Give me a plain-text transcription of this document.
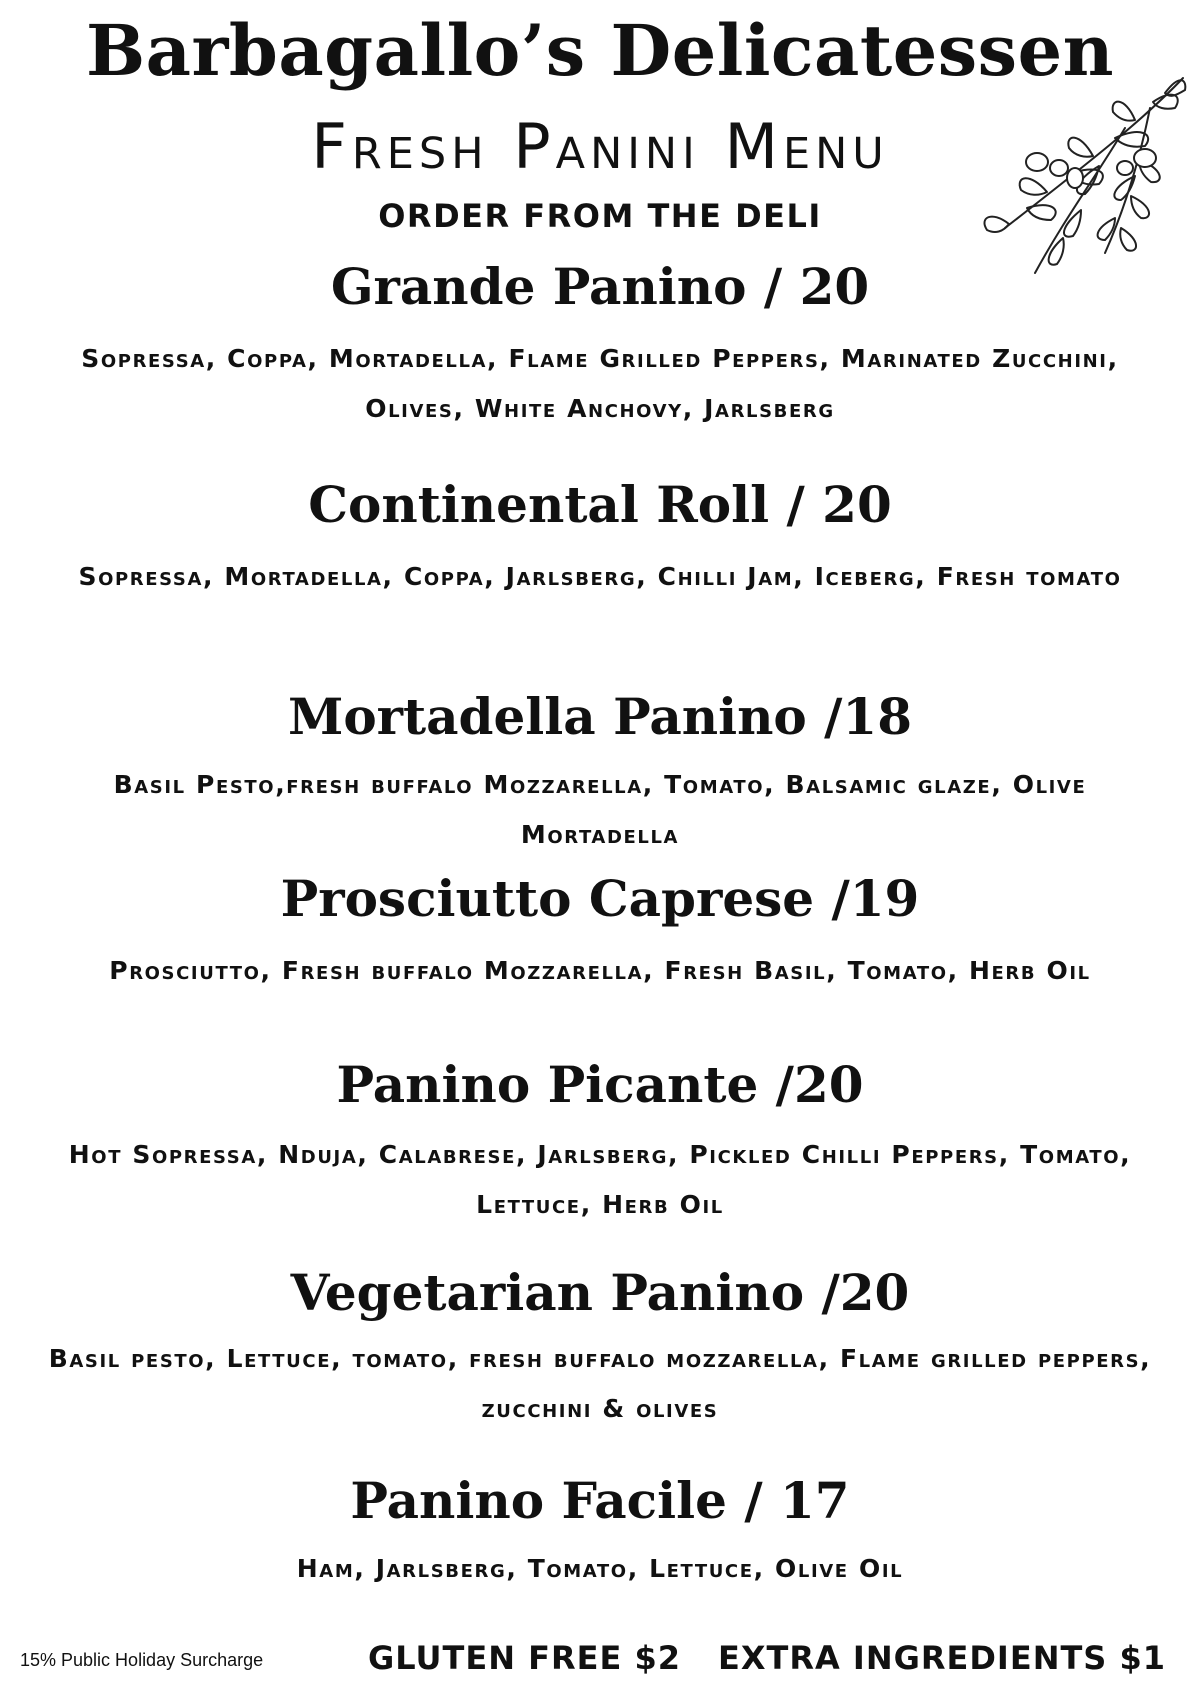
Barbagallo’s Delicatessen
Fresh Panini Menu
ORDER FROM THE DELI
Grande Panino / 20
Sopressa, Coppa, Mortadella, Flame Grilled Peppers, Marinated Zucchini, Olives, White Anchovy, Jarlsberg
Continental Roll / 20
Sopressa, Mortadella, Coppa, Jarlsberg, Chilli Jam, Iceberg, Fresh tomato
Mortadella Panino /18
Basil Pesto,fresh buffalo Mozzarella, Tomato, Balsamic glaze, Olive Mortadella
Prosciutto Caprese /19
Prosciutto, Fresh buffalo Mozzarella, Fresh Basil, Tomato, Herb Oil
Panino Picante /20
Hot Sopressa, Nduja, Calabrese, Jarlsberg, Pickled Chilli Peppers, Tomato, Lettuce, Herb Oil
Vegetarian Panino /20
Basil pesto, Lettuce, tomato, fresh buffalo mozzarella, Flame grilled peppers, zucchini & olives
Panino Facile / 17
Ham, Jarlsberg, Tomato, Lettuce, Olive Oil
15% Public Holiday Surcharge	GLUTEN FREE $2 EXTRA INGREDIENTS $1
